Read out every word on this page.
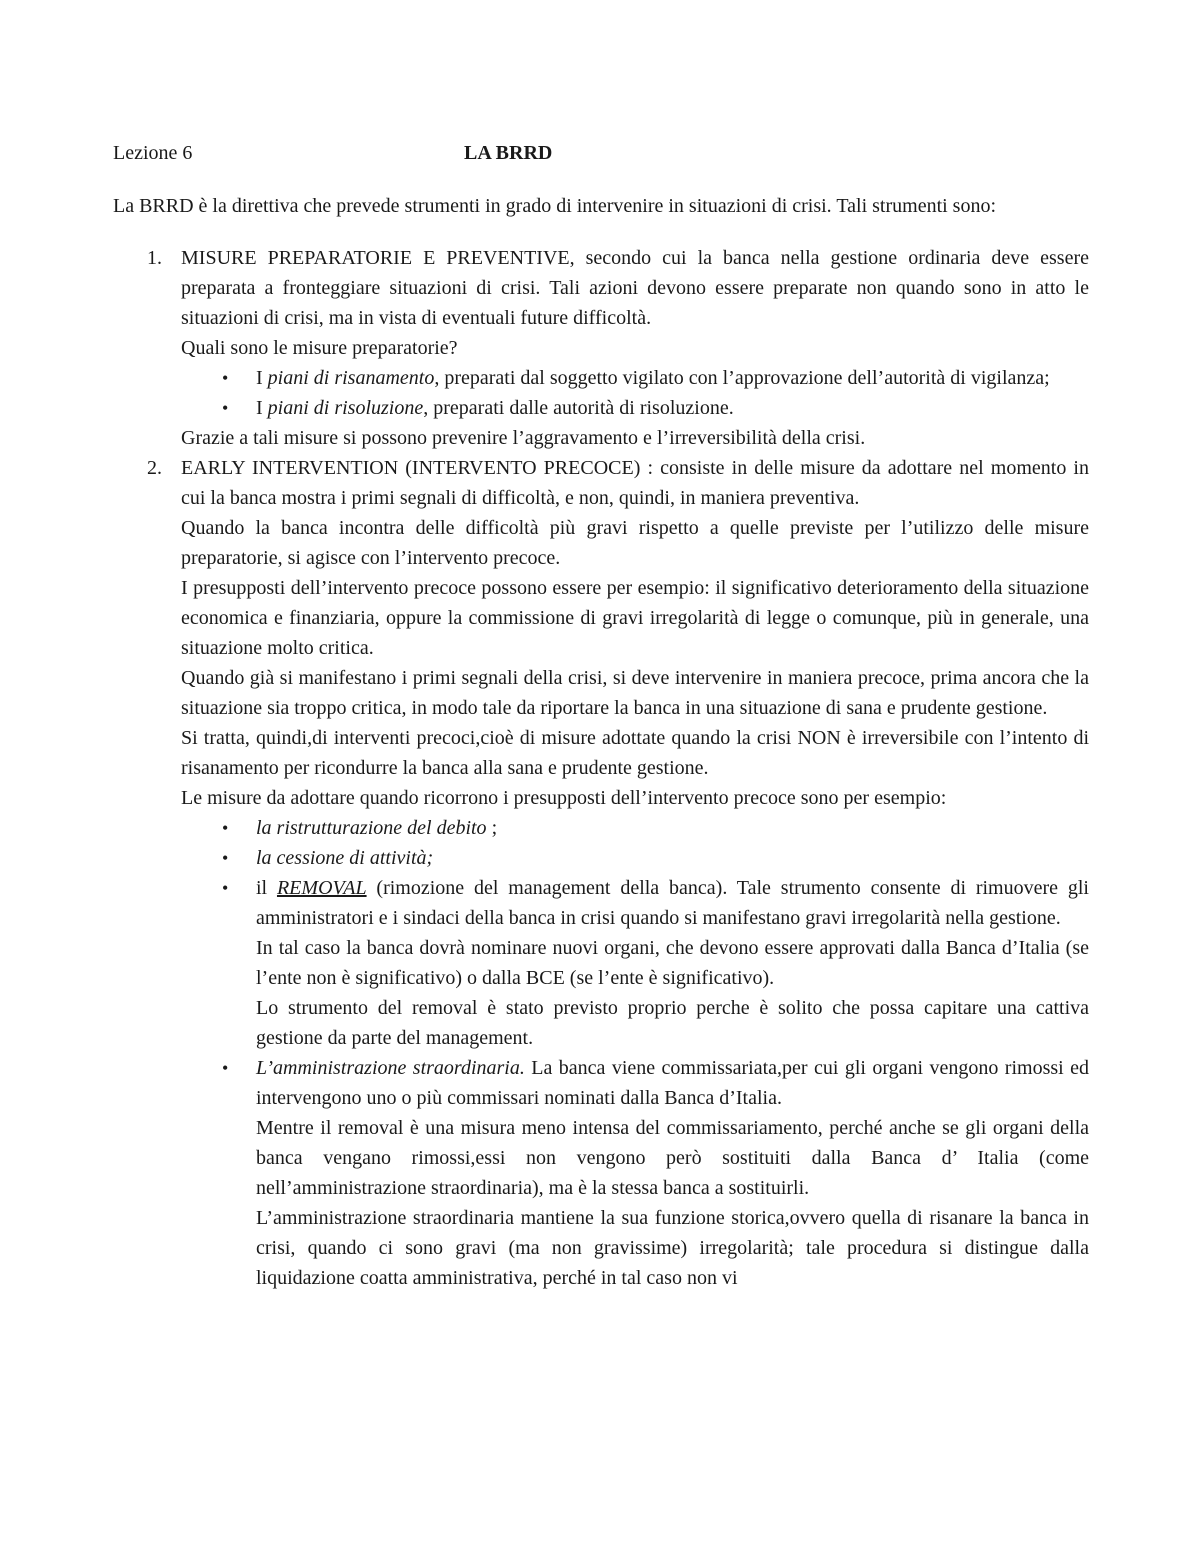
Lezione 6	LA BRRD

La BRRD è la direttiva che prevede strumenti in grado di intervenire in situazioni di crisi. Tali strumenti sono:

1. MISURE PREPARATORIE E PREVENTIVE, secondo cui la banca nella gestione ordinaria deve essere preparata a fronteggiare situazioni di crisi. Tali azioni devono essere preparate non quando sono in atto le situazioni di crisi, ma in vista di eventuali future difficoltà.

Quali sono le misure preparatorie?

• I piani di risanamento, preparati dal soggetto vigilato con l’approvazione dell’autorità di vigilanza;

• I piani di risoluzione, preparati dalle autorità di risoluzione.

Grazie a tali misure si possono prevenire l’aggravamento e l’irreversibilità della crisi.

2. EARLY INTERVENTION (INTERVENTO PRECOCE) : consiste in delle misure da adottare nel momento in cui la banca mostra i primi segnali di difficoltà, e non, quindi, in maniera preventiva.

Quando la banca incontra delle difficoltà più gravi rispetto a quelle previste per l’utilizzo delle misure preparatorie, si agisce con l’intervento precoce.

I presupposti dell’intervento precoce possono essere per esempio: il significativo deterioramento della situazione economica e finanziaria, oppure la commissione di gravi irregolarità di legge o comunque, più in generale, una situazione molto critica.

Quando già si manifestano i primi segnali della crisi, si deve intervenire in maniera precoce, prima ancora che la situazione sia troppo critica, in modo tale da riportare la banca in una situazione di sana e prudente gestione.

Si tratta, quindi,di interventi precoci,cioè di misure adottate quando la crisi NON è irreversibile con l’intento di risanamento per ricondurre la banca alla sana e prudente gestione.

Le misure da adottare quando ricorrono i presupposti dell’intervento precoce sono per esempio:

• la ristrutturazione del debito ;

• la cessione di attività;

• il REMOVAL (rimozione del management della banca). Tale strumento consente di rimuovere gli amministratori e i sindaci della banca in crisi quando si manifestano gravi irregolarità nella gestione.

In tal caso la banca dovrà nominare nuovi organi, che devono essere approvati dalla Banca d’Italia (se l’ente non è significativo) o dalla BCE (se l’ente è significativo).

Lo strumento del removal è stato previsto proprio perche è solito che possa capitare una cattiva gestione da parte del management.

• L’amministrazione straordinaria. La banca viene commissariata,per cui gli organi vengono rimossi ed intervengono uno o più commissari nominati dalla Banca d’Italia.

Mentre il removal è una misura meno intensa del commissariamento, perché anche se gli organi della banca vengano rimossi,essi non vengono però sostituiti dalla Banca d’ Italia (come nell’amministrazione straordinaria), ma è la stessa banca a sostituirli.

L’amministrazione straordinaria mantiene la sua funzione storica,ovvero quella di risanare la banca in crisi, quando ci sono gravi (ma non gravissime) irregolarità; tale procedura si distingue dalla liquidazione coatta amministrativa, perché in tal caso non vi
